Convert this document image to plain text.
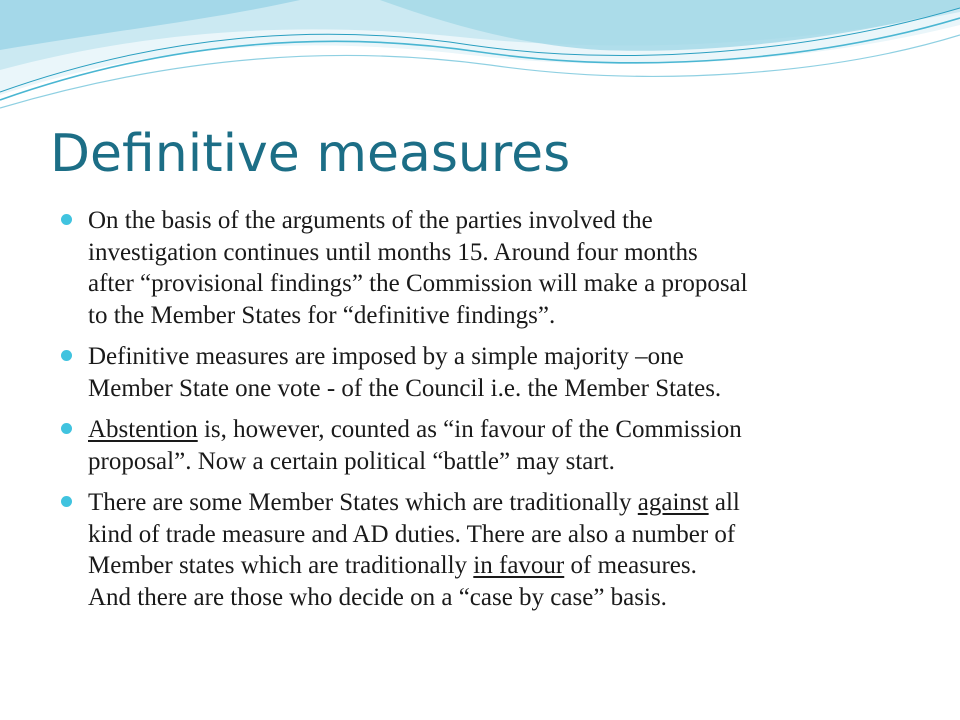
Definitive measures
On the basis of the arguments of the parties involved the
investigation continues until months 15. Around four months
after “provisional findings” the Commission will make a proposal
to the Member States for “definitive findings”.
Definitive measures are imposed by a simple majority –one
Member State one vote - of the Council i.e. the Member States.
Abstention is, however, counted as “in favour of the Commission
proposal”. Now a certain political “battle” may start.
There are some Member States which are traditionally against all
kind of trade measure and AD duties. There are also a number of
Member states which are traditionally in favour of measures.
And there are those who decide on a “case by case” basis.
